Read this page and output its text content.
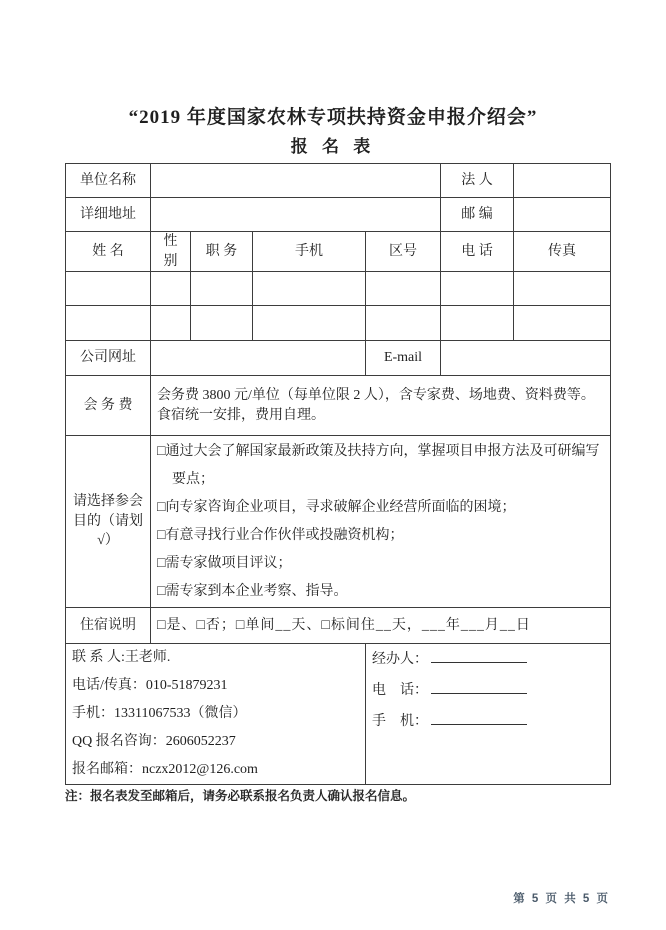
“2019 年度国家农林专项扶持资金申报介绍会”
报 名 表
单位名称					法 人	
详细地址					邮 编	
姓 名	性别	职 务	手机	区号	电 话	传真

公司网址				E-mail		
会 务 费	会务费 3800 元/单位（每单位限 2 人），含专家费、场地费、资料费等。食宿统一安排，费用自理。					
请选择参会目的（请划√）	□通过大会了解国家最新政策及扶持方向，掌握项目申报方法及可研编写要点；

□向专家咨询企业项目，寻求破解企业经营所面临的困境；

□有意寻找行业合作伙伴或投融资机构；

□需专家做项目评议；

□需专家到本企业考察、指导。					

住宿说明	□是、□否；□单间__天、□标间住__天，___年___月__日					

联 系 人:王老师.

电话/传真：010-51879231

手机：13311067533（微信）

QQ 报名咨询：2606052237

报名邮箱：nczx2012@126.com

经办人：

电　话：

手　机：

注：报名表发至邮箱后，请务必联系报名负责人确认报名信息。
第 5 页 共 5 页
